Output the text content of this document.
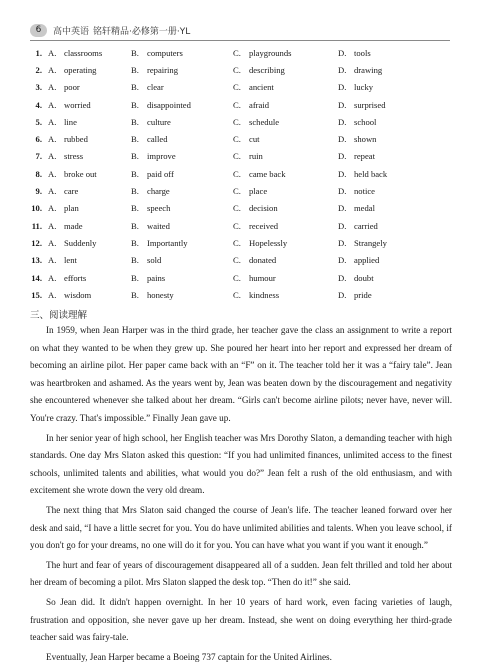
6	高中英语 铭轩精品 ·必修第一册·YL
1. A. classrooms	B. computers	C. playgrounds	D. tools
2. A. operating	B. repairing	C. describing	D. drawing
3. A. poor	B. clear	C. ancient	D. lucky
4. A. worried	B. disappointed	C. afraid	D. surprised
5. A. line	B. culture	C. schedule	D. school
6. A. rubbed	B. called	C. cut	D. shown
7. A. stress	B. improve	C. ruin	D. repeat
8. A. broke out	B. paid off	C. came back	D. held back
9. A. care	B. charge	C. place	D. notice
10. A. plan	B. speech	C. decision	D. medal
11. A. made	B. waited	C. received	D. carried
12. A. Suddenly	B. Importantly	C. Hopelessly	D. Strangely
13. A. lent	B. sold	C. donated	D. applied
14. A. efforts	B. pains	C. humour	D. doubt
15. A. wisdom	B. honesty	C. kindness	D. pride
三、阅读理解

In 1959, when Jean Harper was in the third grade, her teacher gave the class an assignment to write a report on what they wanted to be when they grew up. She poured her heart into her report and expressed her dream of becoming an airline pilot. Her paper came back with an “F” on it. The teacher told her it was a “fairy tale”. Jean was heartbroken and ashamed. As the years went by, Jean was beaten down by the discouragement and negativity she encountered whenever she talked about her dream. “Girls can't become airline pilots; never have, never will. You're crazy. That's impossible.” Finally Jean gave up.

In her senior year of high school, her English teacher was Mrs Dorothy Slaton, a demanding teacher with high standards. One day Mrs Slaton asked this question: “If you had unlimited finances, unlimited access to the finest schools, unlimited talents and abilities, what would you do?” Jean felt a rush of the old enthusiasm, and with excitement she wrote down the very old dream.

The next thing that Mrs Slaton said changed the course of Jean's life. The teacher leaned forward over her desk and said, “I have a little secret for you. You do have unlimited abilities and talents. When you leave school, if you don't go for your dreams, no one will do it for you. You can have what you want if you want it enough.”

The hurt and fear of years of discouragement disappeared all of a sudden. Jean felt thrilled and told her about her dream of becoming a pilot. Mrs Slaton slapped the desk top. “Then do it!” she said.

So Jean did. It didn't happen overnight. In her 10 years of hard work, even facing varieties of laugh, frustration and opposition, she never gave up her dream. Instead, she went on doing everything her third-grade teacher said was fairy-tale.

Eventually, Jean Harper became a Boeing 737 captain for the United Airlines.
